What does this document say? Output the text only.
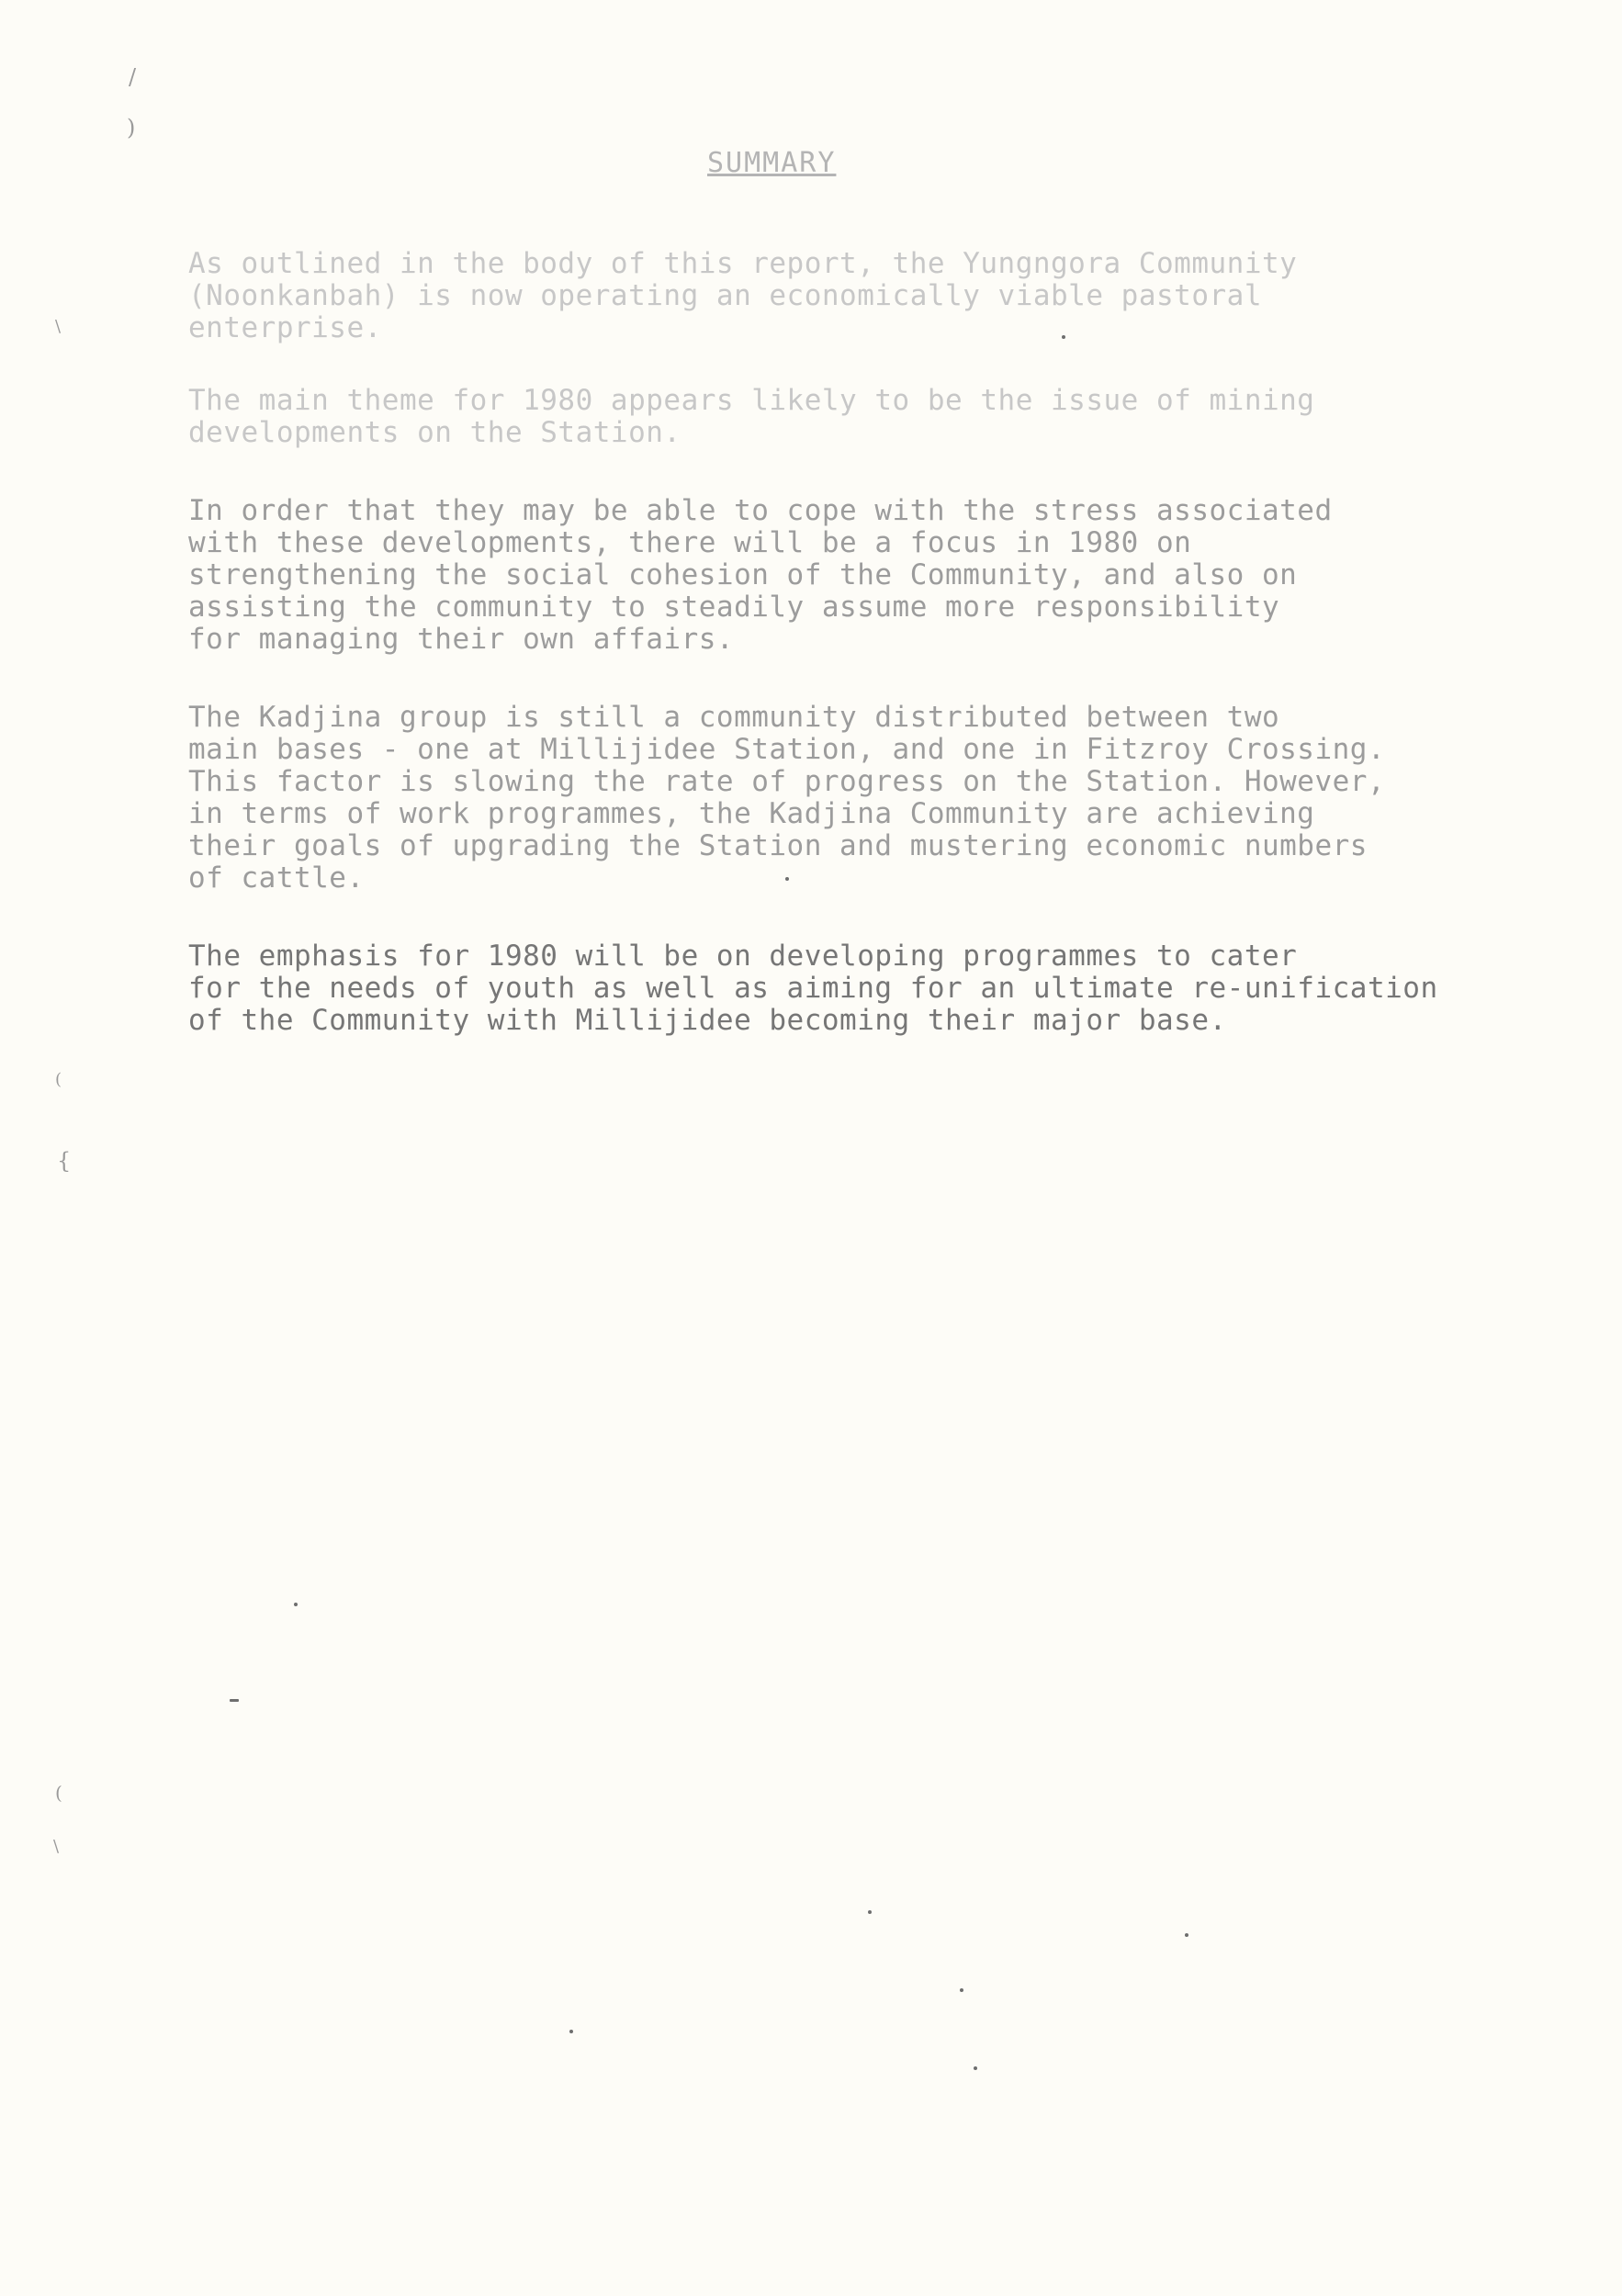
SUMMARY

As outlined in the body of this report, the Yungngora Community
(Noonkanbah) is now operating an economically viable pastoral
enterprise.

The main theme for 1980 appears likely to be the issue of mining
developments on the Station.

In order that they may be able to cope with the stress associated
with these developments, there will be a focus in 1980 on
strengthening the social cohesion of the Community, and also on
assisting the community to steadily assume more responsibility
for managing their own affairs.

The Kadjina group is still a community distributed between two
main bases - one at Millijidee Station, and one in Fitzroy Crossing.
This factor is slowing the rate of progress on the Station. However,
in terms of work programmes, the Kadjina Community are achieving
their goals of upgrading the Station and mustering economic numbers
of cattle.

The emphasis for 1980 will be on developing programmes to cater
for the needs of youth as well as aiming for an ultimate re-unification
of the Community with Millijidee becoming their major base.

/
)
\
(
{
(
\
